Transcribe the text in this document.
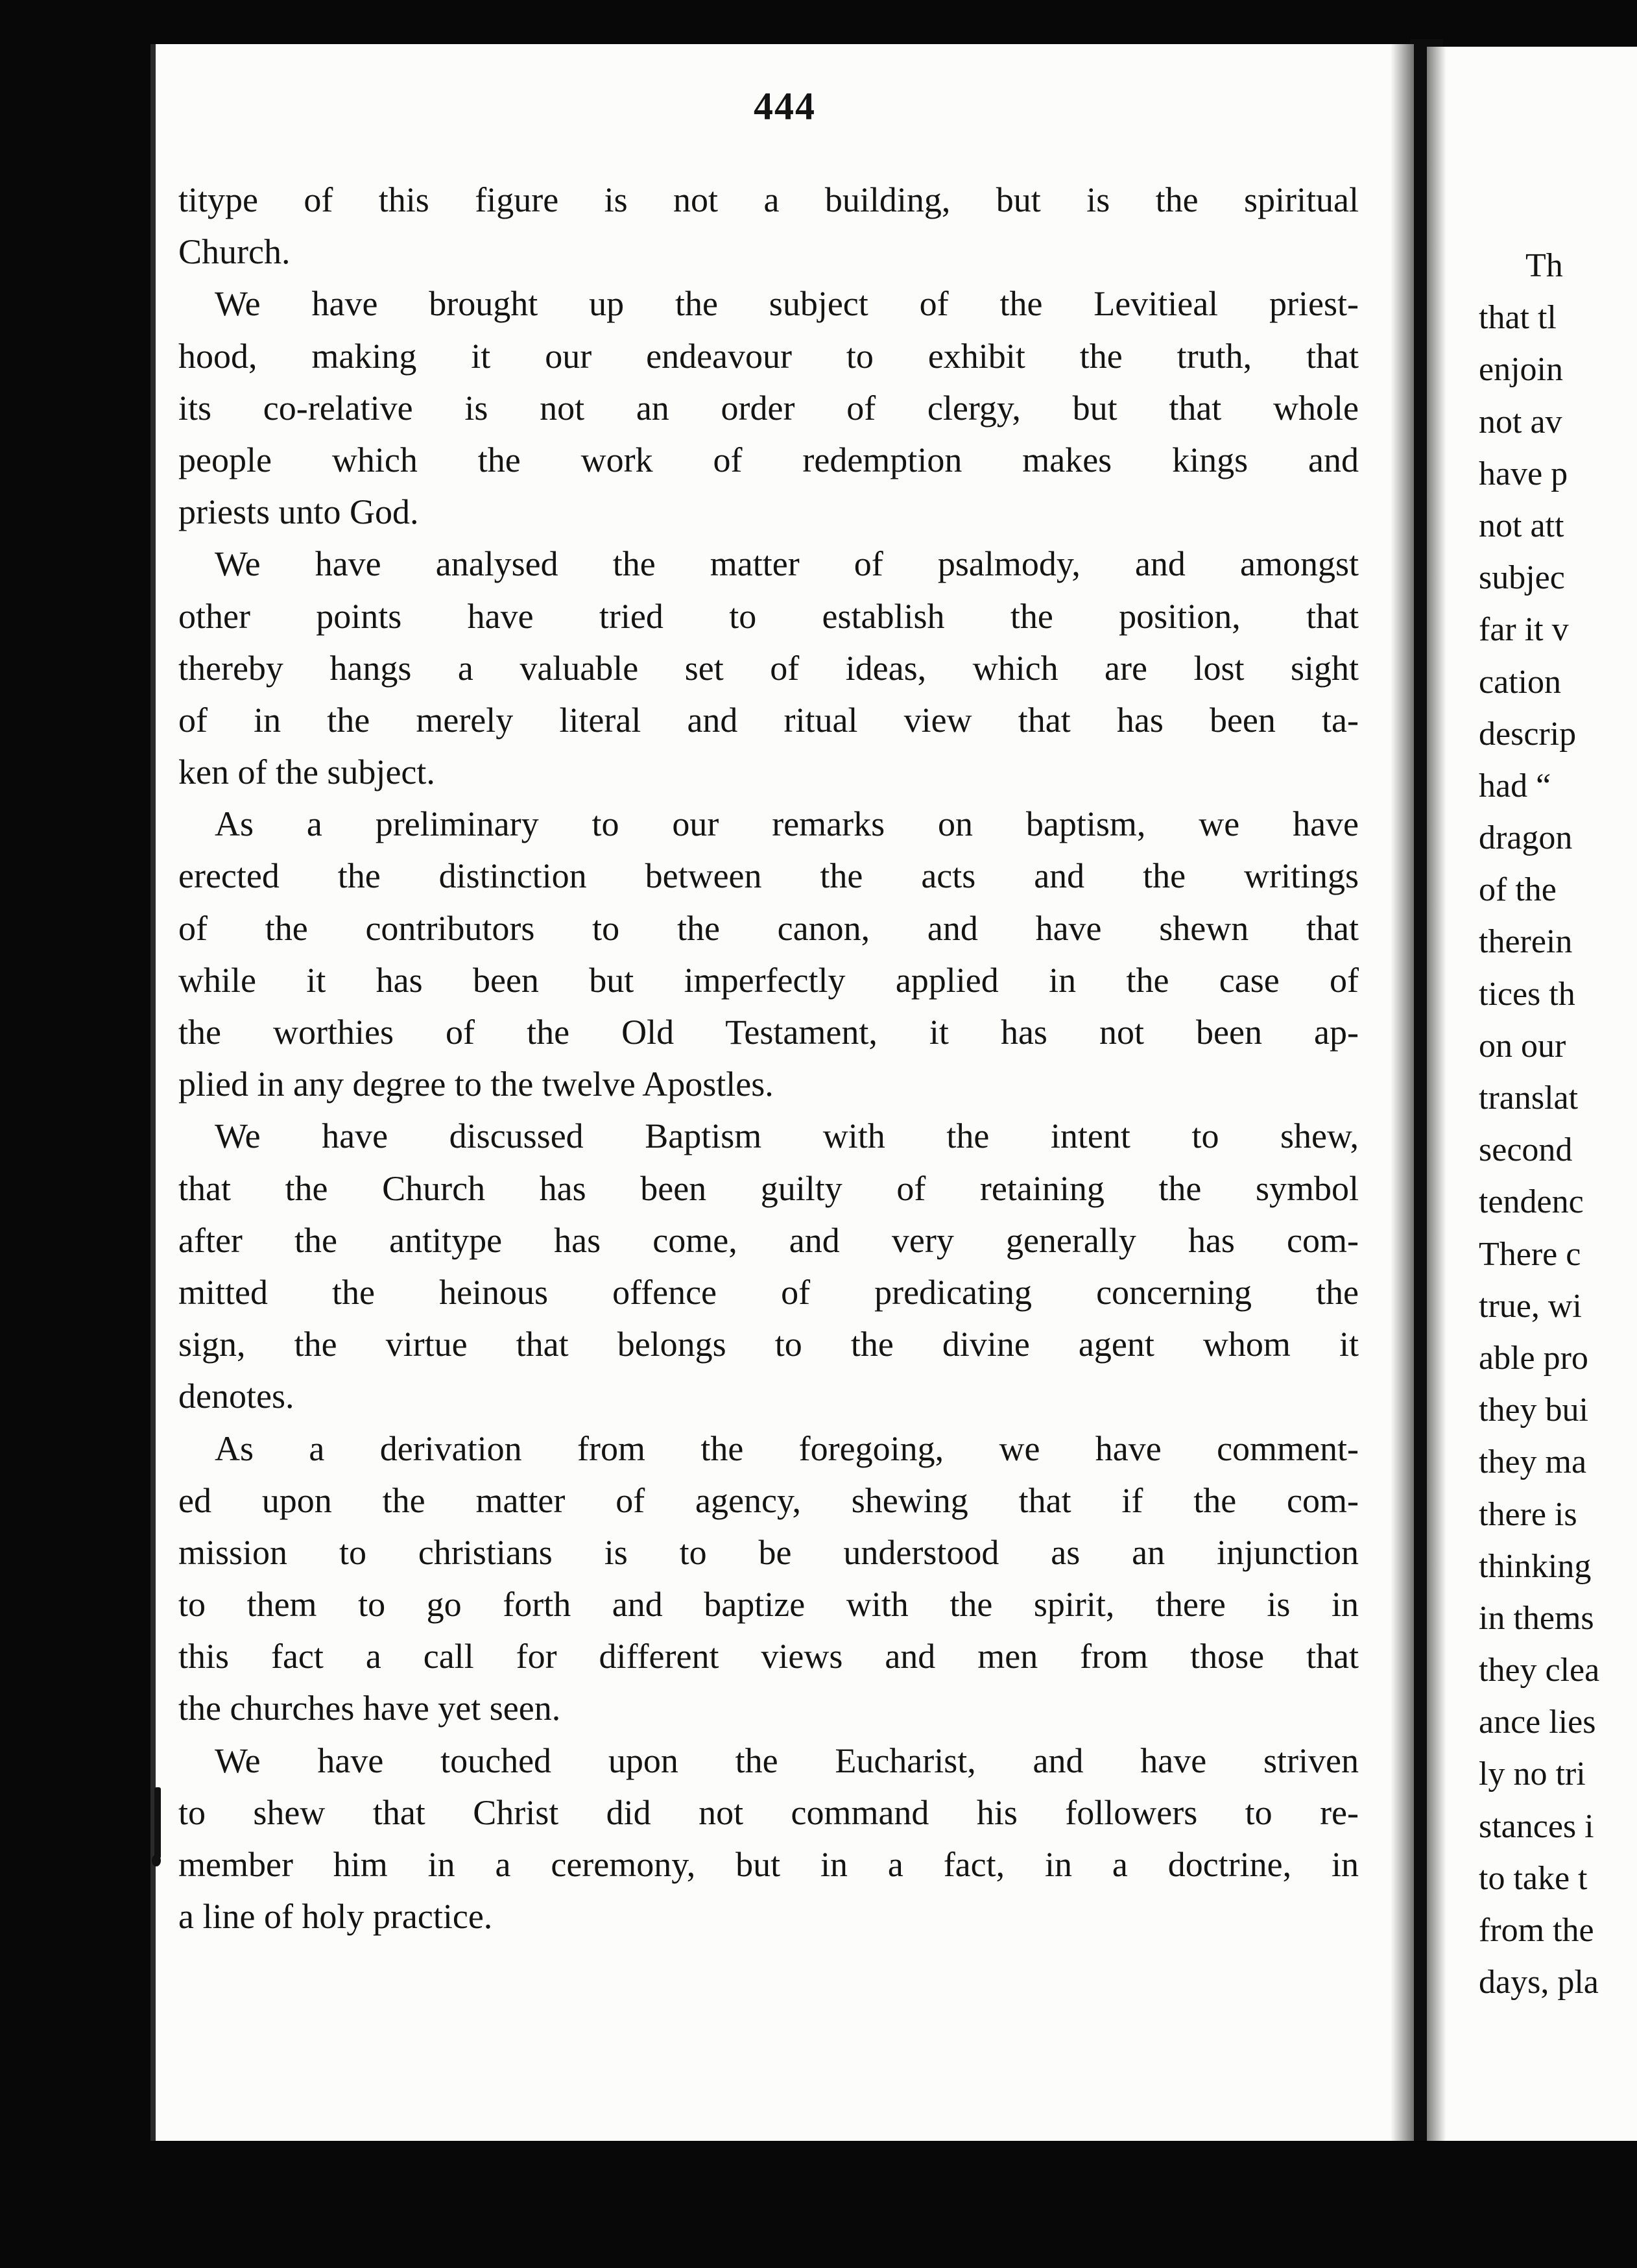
444
titype of this figure is not a building, but is the spiritual
Church.
We have brought up the subject of the Levitieal priest-
hood, making it our endeavour to exhibit the truth, that
its co-relative is not an order of clergy, but that whole
people which the work of redemption makes kings and
priests unto God.
We have analysed the matter of psalmody, and amongst
other points have tried to establish the position, that
thereby hangs a valuable set of ideas, which are lost sight
of in the merely literal and ritual view that has been ta-
ken of the subject.
As a preliminary to our remarks on baptism, we have
erected the distinction between the acts and the writings
of the contributors to the canon, and have shewn that
while it has been but imperfectly applied in the case of
the worthies of the Old Testament, it has not been ap-
plied in any degree to the twelve Apostles.
We have discussed Baptism with the intent to shew,
that the Church has been guilty of retaining the symbol
after the antitype has come, and very generally has com-
mitted the heinous offence of predicating concerning the
sign, the virtue that belongs to the divine agent whom it
denotes.
As a derivation from the foregoing, we have comment-
ed upon the matter of agency, shewing that if the com-
mission to christians is to be understood as an injunction
to them to go forth and baptize with the spirit, there is in
this fact a call for different views and men from those that
the churches have yet seen.
We have touched upon the Eucharist, and have striven
to shew that Christ did not command his followers to re-
member him in a ceremony, but in a fact, in a doctrine, in
a line of holy practice.
Th
that tl
enjoin
not av
have p
not att
subjec
far it v
cation
descrip
had “
dragon
of the
therein
tices th
on our
translat
second
tendenc
There c
true, wi
able pro
they bui
they ma
there is
thinking
in thems
they clea
ance lies
ly no tri
stances i
to take t
from the
days, pla
